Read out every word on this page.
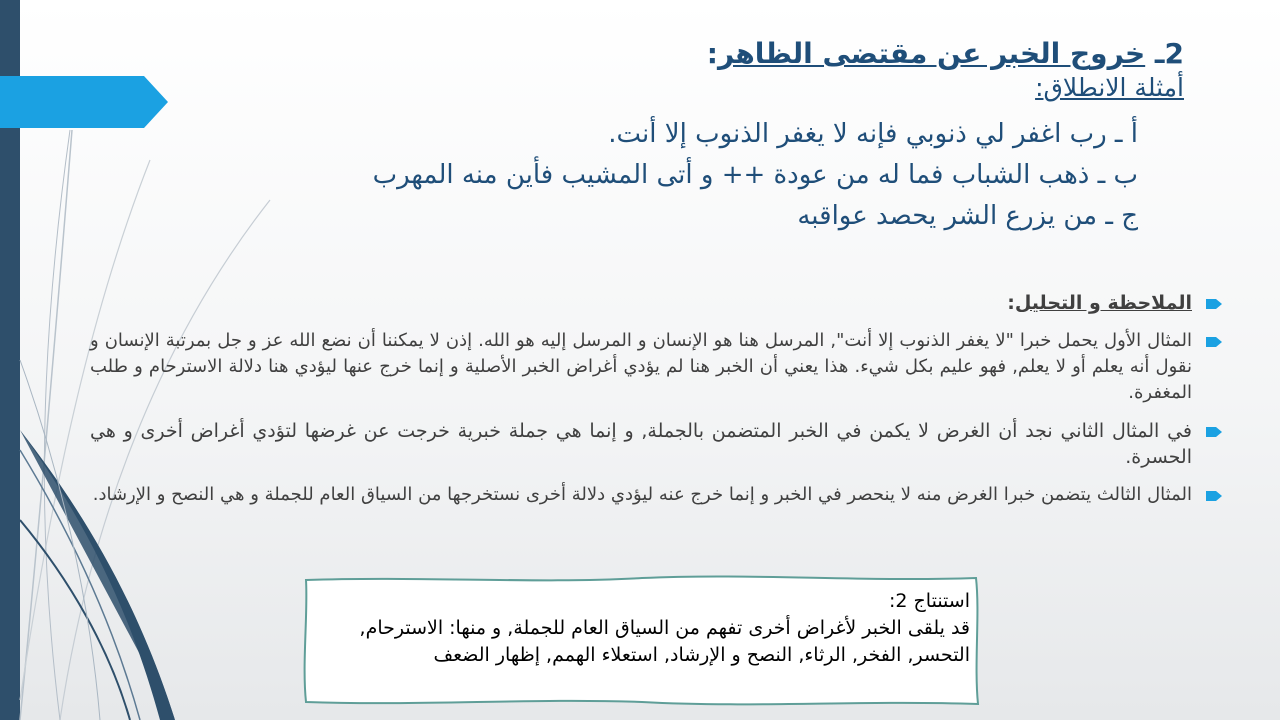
2ـ خروج الخبر عن مقتضى الظاهر:

أمثلة الانطلاق:

أ ـ رب اغفر لي ذنوبي فإنه لا يغفر الذنوب إلا أنت.
ب ـ ذهب الشباب فما له من عودة ++ و أتى المشيب فأين منه المهرب
ج ـ من يزرع الشر يحصد عواقبه
الملاحظة و التحليل:
المثال الأول يحمل خبرا "لا يغفر الذنوب إلا أنت", المرسل هنا هو الإنسان و المرسل إليه هو الله. إذن لا يمكننا أن نضع الله عز و جل بمرتبة الإنسان و نقول أنه يعلم أو لا يعلم, فهو عليم بكل شيء. هذا يعني أن الخبر هنا لم يؤدي أغراض الخبر الأصلية و إنما خرج عنها ليؤدي هنا دلالة الاسترحام و طلب المغفرة.
في المثال الثاني نجد أن الغرض لا يكمن في الخبر المتضمن بالجملة, و إنما هي جملة خبرية خرجت عن غرضها لتؤدي أغراض أخرى و هي الحسرة.
المثال الثالث يتضمن خبرا الغرض منه لا ينحصر في الخبر و إنما خرج عنه ليؤدي دلالة أخرى نستخرجها من السياق العام للجملة و هي النصح و الإرشاد.
استنتاج 2:
قد يلقى الخبر لأغراض أخرى تفهم من السياق العام للجملة, و منها: الاسترحام, التحسر, الفخر, الرثاء, النصح و الإرشاد, استعلاء الهمم, إظهار الضعف
